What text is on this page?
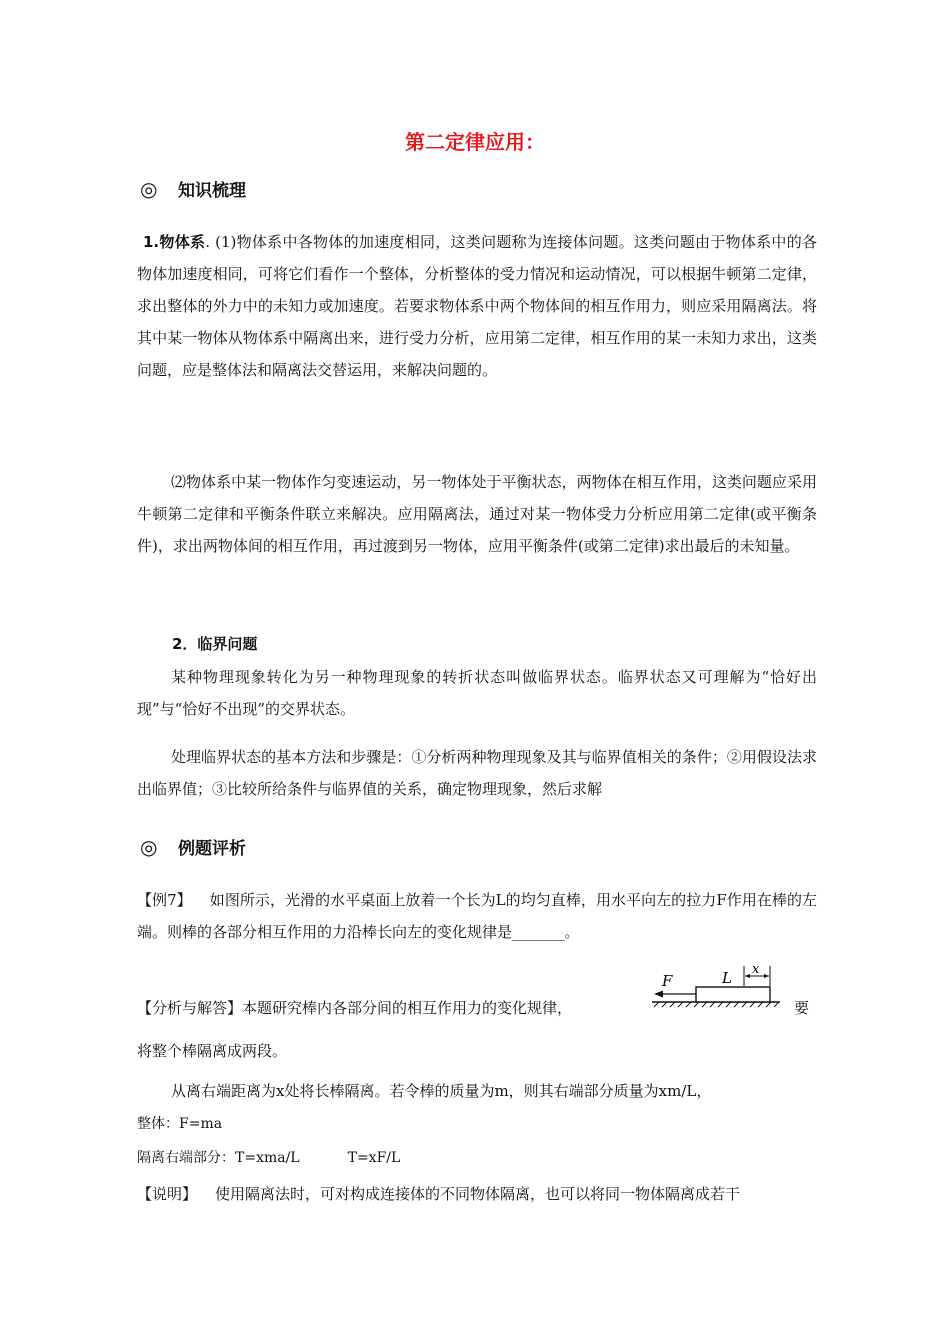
第二定律应用：
◎	知识梳理

1.物体系. (1)物体系中各物体的加速度相同，这类问题称为连接体问题。这类问题由于物体系中的各物体加速度相同，可将它们看作一个整体，分析整体的受力情况和运动情况，可以根据牛顿第二定律，求出整体的外力中的未知力或加速度。若要求物体系中两个物体间的相互作用力，则应采用隔离法。将其中某一物体从物体系中隔离出来，进行受力分析，应用第二定律，相互作用的某一未知力求出，这类问题，应是整体法和隔离法交替运用，来解决问题的。

⑵物体系中某一物体作匀变速运动，另一物体处于平衡状态，两物体在相互作用，这类问题应采用牛顿第二定律和平衡条件联立来解决。应用隔离法，通过对某一物体受力分析应用第二定律(或平衡条件)，求出两物体间的相互作用，再过渡到另一物体，应用平衡条件(或第二定律)求出最后的未知量。

2．临界问题

某种物理现象转化为另一种物理现象的转折状态叫做临界状态。临界状态又可理解为“恰好出现”与“恰好不出现”的交界状态。

处理临界状态的基本方法和步骤是：①分析两种物理现象及其与临界值相关的条件；②用假设法求出临界值；③比较所给条件与临界值的关系，确定物理现象，然后求解

◎	例题评析

【例7】 如图所示，光滑的水平桌面上放着一个长为L的均匀直棒，用水平向左的拉力F作用在棒的左端。则棒的各部分相互作用的力沿棒长向左的变化规律是_______。

【分析与解答】本题研究棒内各部分间的相互作用力的变化规律，	要

F	L x

将整个棒隔离成两段。

从离右端距离为x处将长棒隔离。若令棒的质量为m，则其右端部分质量为xm/L，

整体：F=ma

隔离右端部分：T=xma/L	T=xF/L

【说明】 使用隔离法时，可对构成连接体的不同物体隔离，也可以将同一物体隔离成若干
